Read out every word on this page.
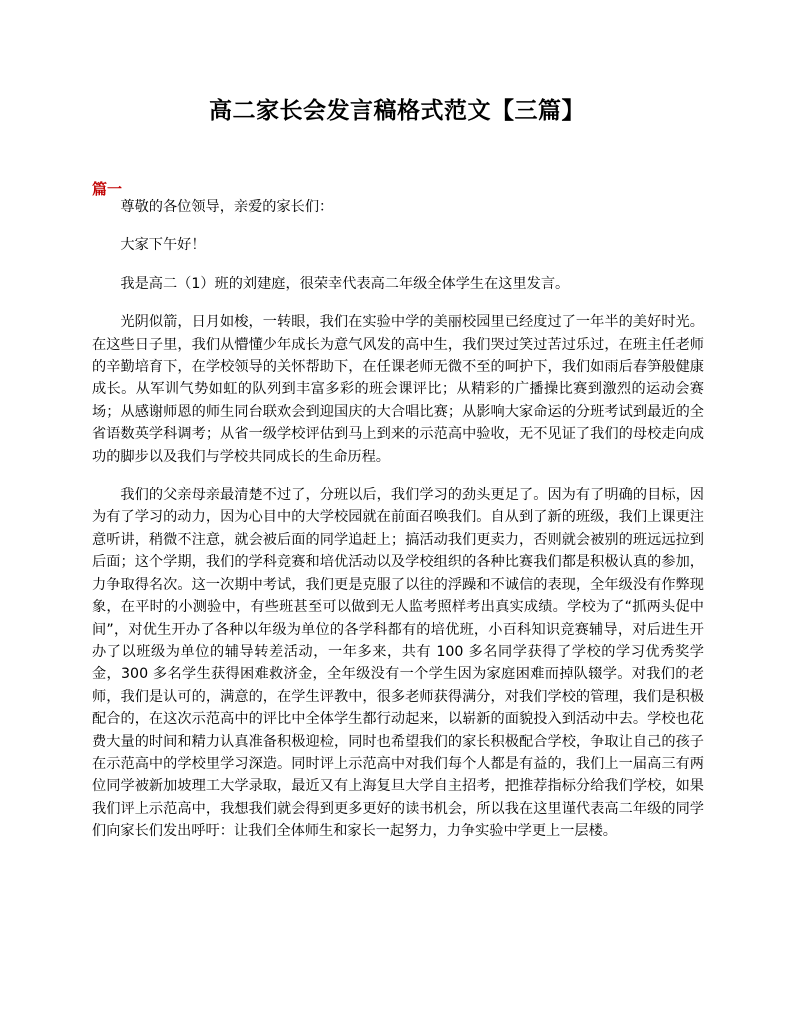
高二家长会发言稿格式范文【三篇】
篇一

尊敬的各位领导，亲爱的家长们：

大家下午好！

我是高二（1）班的刘建庭，很荣幸代表高二年级全体学生在这里发言。

光阴似箭，日月如梭，一转眼，我们在实验中学的美丽校园里已经度过了一年半的美好时光。在这些日子里，我们从懵懂少年成长为意气风发的高中生，我们哭过笑过苦过乐过，在班主任老师的辛勤培育下，在学校领导的关怀帮助下，在任课老师无微不至的呵护下，我们如雨后春笋般健康成长。从军训气势如虹的队列到丰富多彩的班会课评比；从精彩的广播操比赛到激烈的运动会赛场；从感谢师恩的师生同台联欢会到迎国庆的大合唱比赛；从影响大家命运的分班考试到最近的全省语数英学科调考；从省一级学校评估到马上到来的示范高中验收，无不见证了我们的母校走向成功的脚步以及我们与学校共同成长的生命历程。

我们的父亲母亲最清楚不过了，分班以后，我们学习的劲头更足了。因为有了明确的目标，因为有了学习的动力，因为心目中的大学校园就在前面召唤我们。自从到了新的班级，我们上课更注意听讲，稍微不注意，就会被后面的同学追赶上；搞活动我们更卖力，否则就会被别的班远远拉到后面；这个学期，我们的学科竞赛和培优活动以及学校组织的各种比赛我们都是积极认真的参加，力争取得名次。这一次期中考试，我们更是克服了以往的浮躁和不诚信的表现，全年级没有作弊现象，在平时的小测验中，有些班甚至可以做到无人监考照样考出真实成绩。学校为了“抓两头促中间”，对优生开办了各种以年级为单位的各学科都有的培优班，小百科知识竞赛辅导，对后进生开办了以班级为单位的辅导转差活动，一年多来，共有 100 多名同学获得了学校的学习优秀奖学金，300 多名学生获得困难救济金，全年级没有一个学生因为家庭困难而掉队辍学。对我们的老师，我们是认可的，满意的，在学生评教中，很多老师获得满分，对我们学校的管理，我们是积极配合的，在这次示范高中的评比中全体学生都行动起来，以崭新的面貌投入到活动中去。学校也花费大量的时间和精力认真准备积极迎检，同时也希望我们的家长积极配合学校，争取让自己的孩子在示范高中的学校里学习深造。同时评上示范高中对我们每个人都是有益的，我们上一届高三有两位同学被新加坡理工大学录取，最近又有上海复旦大学自主招考，把推荐指标分给我们学校，如果我们评上示范高中，我想我们就会得到更多更好的读书机会，所以我在这里谨代表高二年级的同学们向家长们发出呼吁：让我们全体师生和家长一起努力，力争实验中学更上一层楼。
